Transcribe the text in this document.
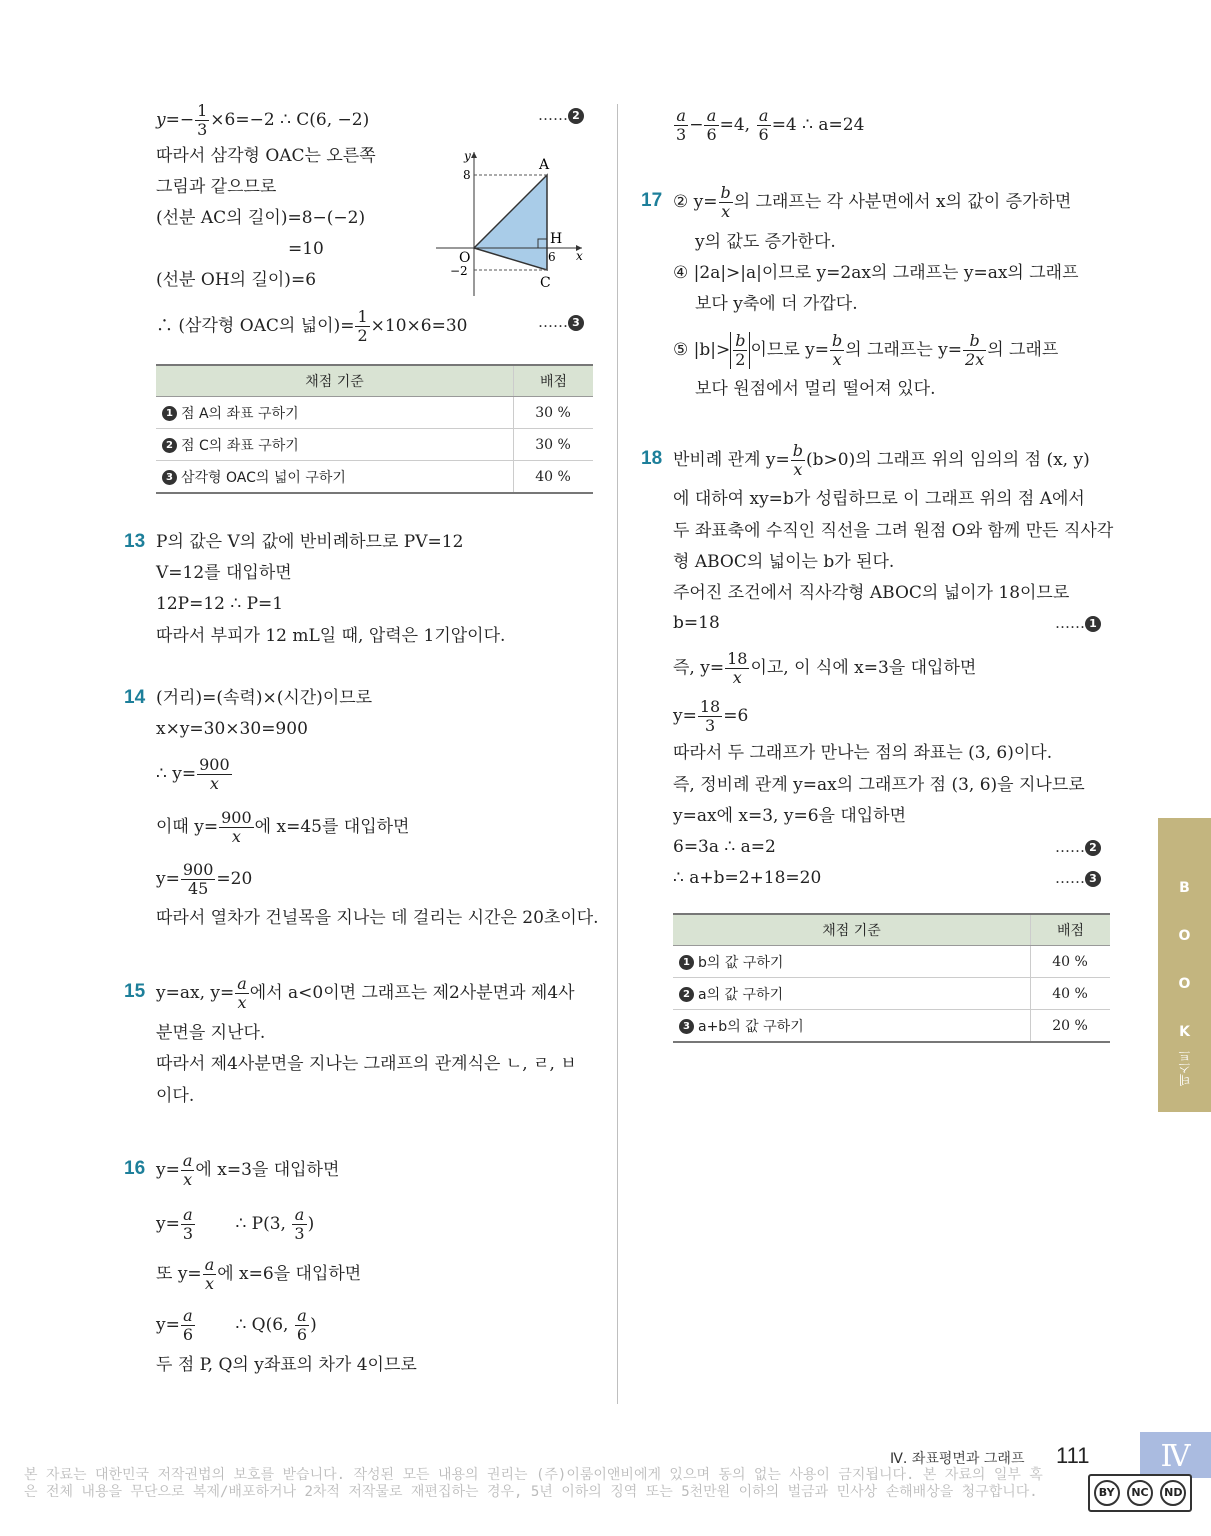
$y=- \frac{1}{3} \times 6=-2$ ∴ C(6, −2)	…… 2
따라서 삼각형 OAC는 오른쪽
그림과 같으므로
(선분 AC의 길이)=8−(−2)
=10
(선분 OH의 길이)=6
∴ (삼각형 OAC의 넓이)= $\frac{1}{2} \times 10\times 6=30$	…… 3
y
x
A
H
O
C
8
6
−2
채점 기준	배점
1 점 A의 좌표 구하기	30 %
2 점 C의 좌표 구하기	30 %
3 삼각형 OAC의 넓이 구하기	40 %
13 P의 값은 V의 값에 반비례하므로 PV=12
V=12를 대입하면
12P=12 ∴ P=1
따라서 부피가 12 mL일 때, 압력은 1기압이다.
14 (거리)=(속력)×(시간)이므로
x×y=30×30=900
∴ $y= \frac{900}{x}$
이때 $y= \frac{900}{x}$ 에 x=45를 대입하면
$y= \frac{900}{45} =20$
따라서 열차가 건널목을 지나는 데 걸리는 시간은 20초이다.
15 y=ax, $y= \frac{a}{x}$ 에서 a<0이면 그래프는 제2사분면과 제4사
분면을 지난다.
따라서 제4사분면을 지나는 그래프의 관계식은 ㄴ, ㄹ, ㅂ
이다.
16 $y= \frac{a}{x}$ 에 x=3을 대입하면
$y= \frac{a}{3}$ ∴ P(3, $\frac{a}{3}$ )
또 $y= \frac{a}{x}$ 에 x=6을 대입하면
$y= \frac{a}{6}$ ∴ Q(6, $\frac{a}{6}$ )
두 점 P, Q의 y좌표의 차가 4이므로
$\frac{a}{3} - \frac{a}{6} =4$, $\frac{a}{6} =4$ ∴ a=24
17 ② $y= \frac{b}{x}$ 의 그래프는 각 사분면에서 x의 값이 증가하면
y의 값도 증가한다.
④ |2a|>|a|이므로 y=2ax의 그래프는 y=ax의 그래프
보다 y축에 더 가깝다.
⑤ $|b|> \frac{b}{2}$ 이므로 $y= \frac{b}{x}$ 의 그래프는 $y= \frac{b}{2x}$ 의 그래프
보다 원점에서 멀리 떨어져 있다.
18 반비례 관계 $y= \frac{b}{x} (b>0)$의 그래프 위의 임의의 점 (x, y)
에 대하여 xy=b가 성립하므로 이 그래프 위의 점 A에서
두 좌표축에 수직인 직선을 그려 원점 O와 함께 만든 직사각
형 ABOC의 넓이는 b가 된다.
주어진 조건에서 직사각형 ABOC의 넓이가 18이므로
b=18	…… 1
즉, $y= \frac{18}{x}$ 이고, 이 식에 x=3을 대입하면
$y= \frac{18}{3} =6$
따라서 두 그래프가 만나는 점의 좌표는 (3, 6)이다.
즉, 정비례 관계 y=ax의 그래프가 점 (3, 6)을 지나므로
y=ax에 x=3, y=6을 대입하면
6=3a ∴ a=2	…… 2
∴ a+b=2+18=20	…… 3
채점 기준	배점
1 b의 값 구하기	40 %
2 a의 값 구하기	40 %
3 a+b의 값 구하기	20 %
B
O
O
K
테스트
Ⅳ. 좌표평면과 그래프 111	Ⅳ
본 자료는 대한민국 저작권법의 보호를 받습니다. 작성된 모든 내용의 권리는 (주)이룸이앤비에게 있으며 동의 없는 사용이 금지됩니다. 본 자료의 일부 혹은 전체 내용을 무단으로 복제/배포하거나 2차적 저작물로 재편집하는 경우, 5년 이하의 징역 또는 5천만원 이하의 벌금과 민사상 손해배상을 청구합니다.	BY	NC	ND
